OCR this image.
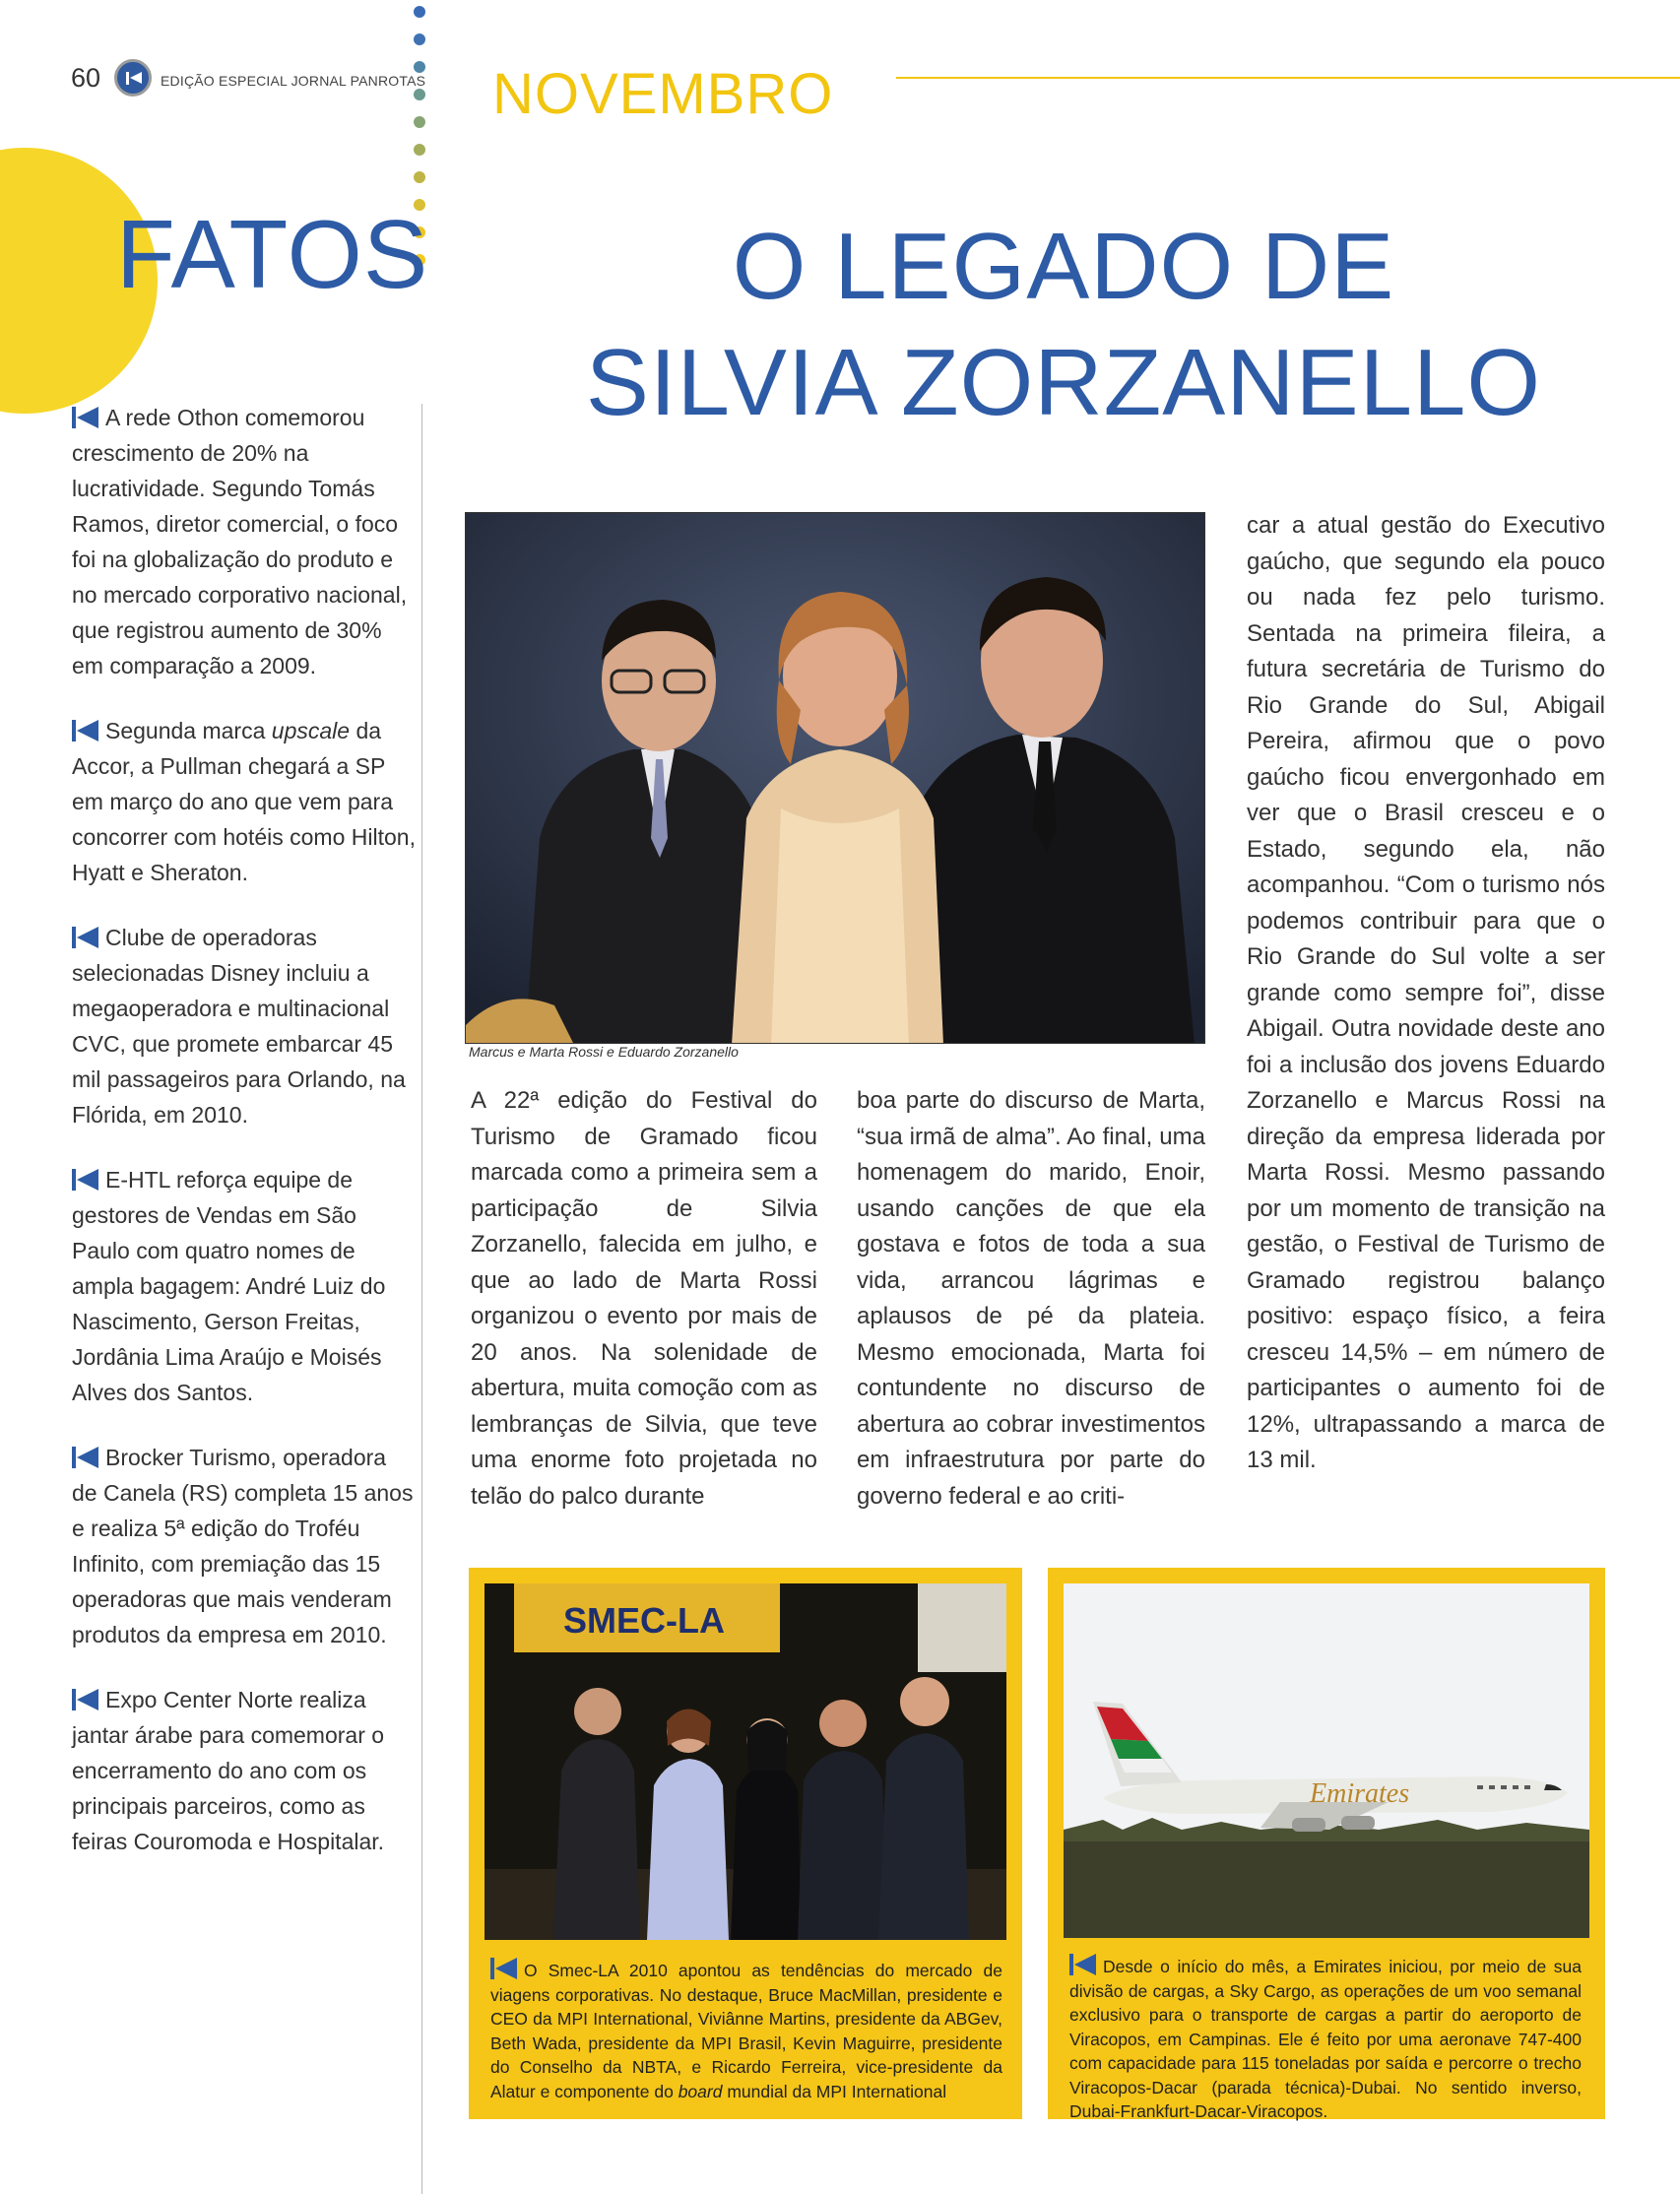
60	EDIÇÃO ESPECIAL JORNAL PANROTAS NOVEMBRO
FATOS
A rede Othon comemorou crescimento de 20% na lucratividade. Segundo Tomás Ramos, diretor comercial, o foco foi na globalização do produto e no mercado corporativo nacional, que registrou aumento de 30% em comparação a 2009.
Segunda marca upscale da Accor, a Pullman chegará a SP em março do ano que vem para concorrer com hotéis como Hilton, Hyatt e Sheraton.
Clube de operadoras selecionadas Disney incluiu a megaoperadora e multinacional CVC, que promete embarcar 45 mil passageiros para Orlando, na Flórida, em 2010.
E-HTL reforça equipe de gestores de Vendas em São Paulo com quatro nomes de ampla bagagem: André Luiz do Nascimento, Gerson Freitas, Jordânia Lima Araújo e Moisés Alves dos Santos.
Brocker Turismo, operadora de Canela (RS) completa 15 anos e realiza 5ª edição do Troféu Infinito, com premiação das 15 operadoras que mais venderam produtos da empresa em 2010.
Expo Center Norte realiza jantar árabe para comemorar o encerramento do ano com os principais parceiros, como as feiras Couromoda e Hospitalar.
O LEGADO DE
SILVIA ZORZANELLO
Marcus e Marta Rossi e Eduardo Zorzanello
A 22ª edição do Festival do Turismo de Gramado ficou marcada como a primeira sem a participação de Silvia Zorzanello, falecida em julho, e que ao lado de Marta Rossi organizou o evento por mais de 20 anos. Na solenidade de abertura, muita comoção com as lembranças de Silvia, que teve uma enorme foto projetada no telão do palco durante
boa parte do discurso de Marta, “sua irmã de alma”. Ao final, uma homenagem do marido, Enoir, usando canções de que ela gostava e fotos de toda a sua vida, arrancou lágrimas e aplausos de pé da plateia. Mesmo emocionada, Marta foi contundente no discurso de abertura ao cobrar investimentos em infraestrutura por parte do governo federal e ao criti-
car a atual gestão do Executivo gaúcho, que segundo ela pouco ou nada fez pelo turismo. Sentada na primeira fileira, a futura secretária de Turismo do Rio Grande do Sul, Abigail Pereira, afirmou que o povo gaúcho ficou envergonhado em ver que o Brasil cresceu e o Estado, segundo ela, não acompanhou. “Com o turismo nós podemos contribuir para que o Rio Grande do Sul volte a ser grande como sempre foi”, disse Abigail. Outra novidade deste ano foi a inclusão dos jovens Eduardo Zorzanello e Marcus Rossi na direção da empresa liderada por Marta Rossi. Mesmo passando por um momento de transição na gestão, o Festival de Turismo de Gramado registrou balanço positivo: espaço físico, a feira cresceu 14,5% – em número de participantes o aumento foi de 12%, ultrapassando a marca de 13 mil.
SMEC-LA
O Smec-LA 2010 apontou as tendências do mercado de viagens corporativas. No destaque, Bruce MacMillan, presidente e CEO da MPI International, Viviânne Martins, presidente da ABGev, Beth Wada, presidente da MPI Brasil, Kevin Maguirre, presidente do Conselho da NBTA, e Ricardo Ferreira, vice-presidente da Alatur e componente do board mundial da MPI International
Emirates
Desde o início do mês, a Emirates iniciou, por meio de sua divisão de cargas, a Sky Cargo, as operações de um voo semanal exclusivo para o transporte de cargas a partir do aeroporto de Viracopos, em Campinas. Ele é feito por uma aeronave 747-400 com capacidade para 115 toneladas por saída e percorre o trecho Viracopos-Dacar (parada técnica)-Dubai. No sentido inverso, Dubai-Frankfurt-Dacar-Viracopos.
